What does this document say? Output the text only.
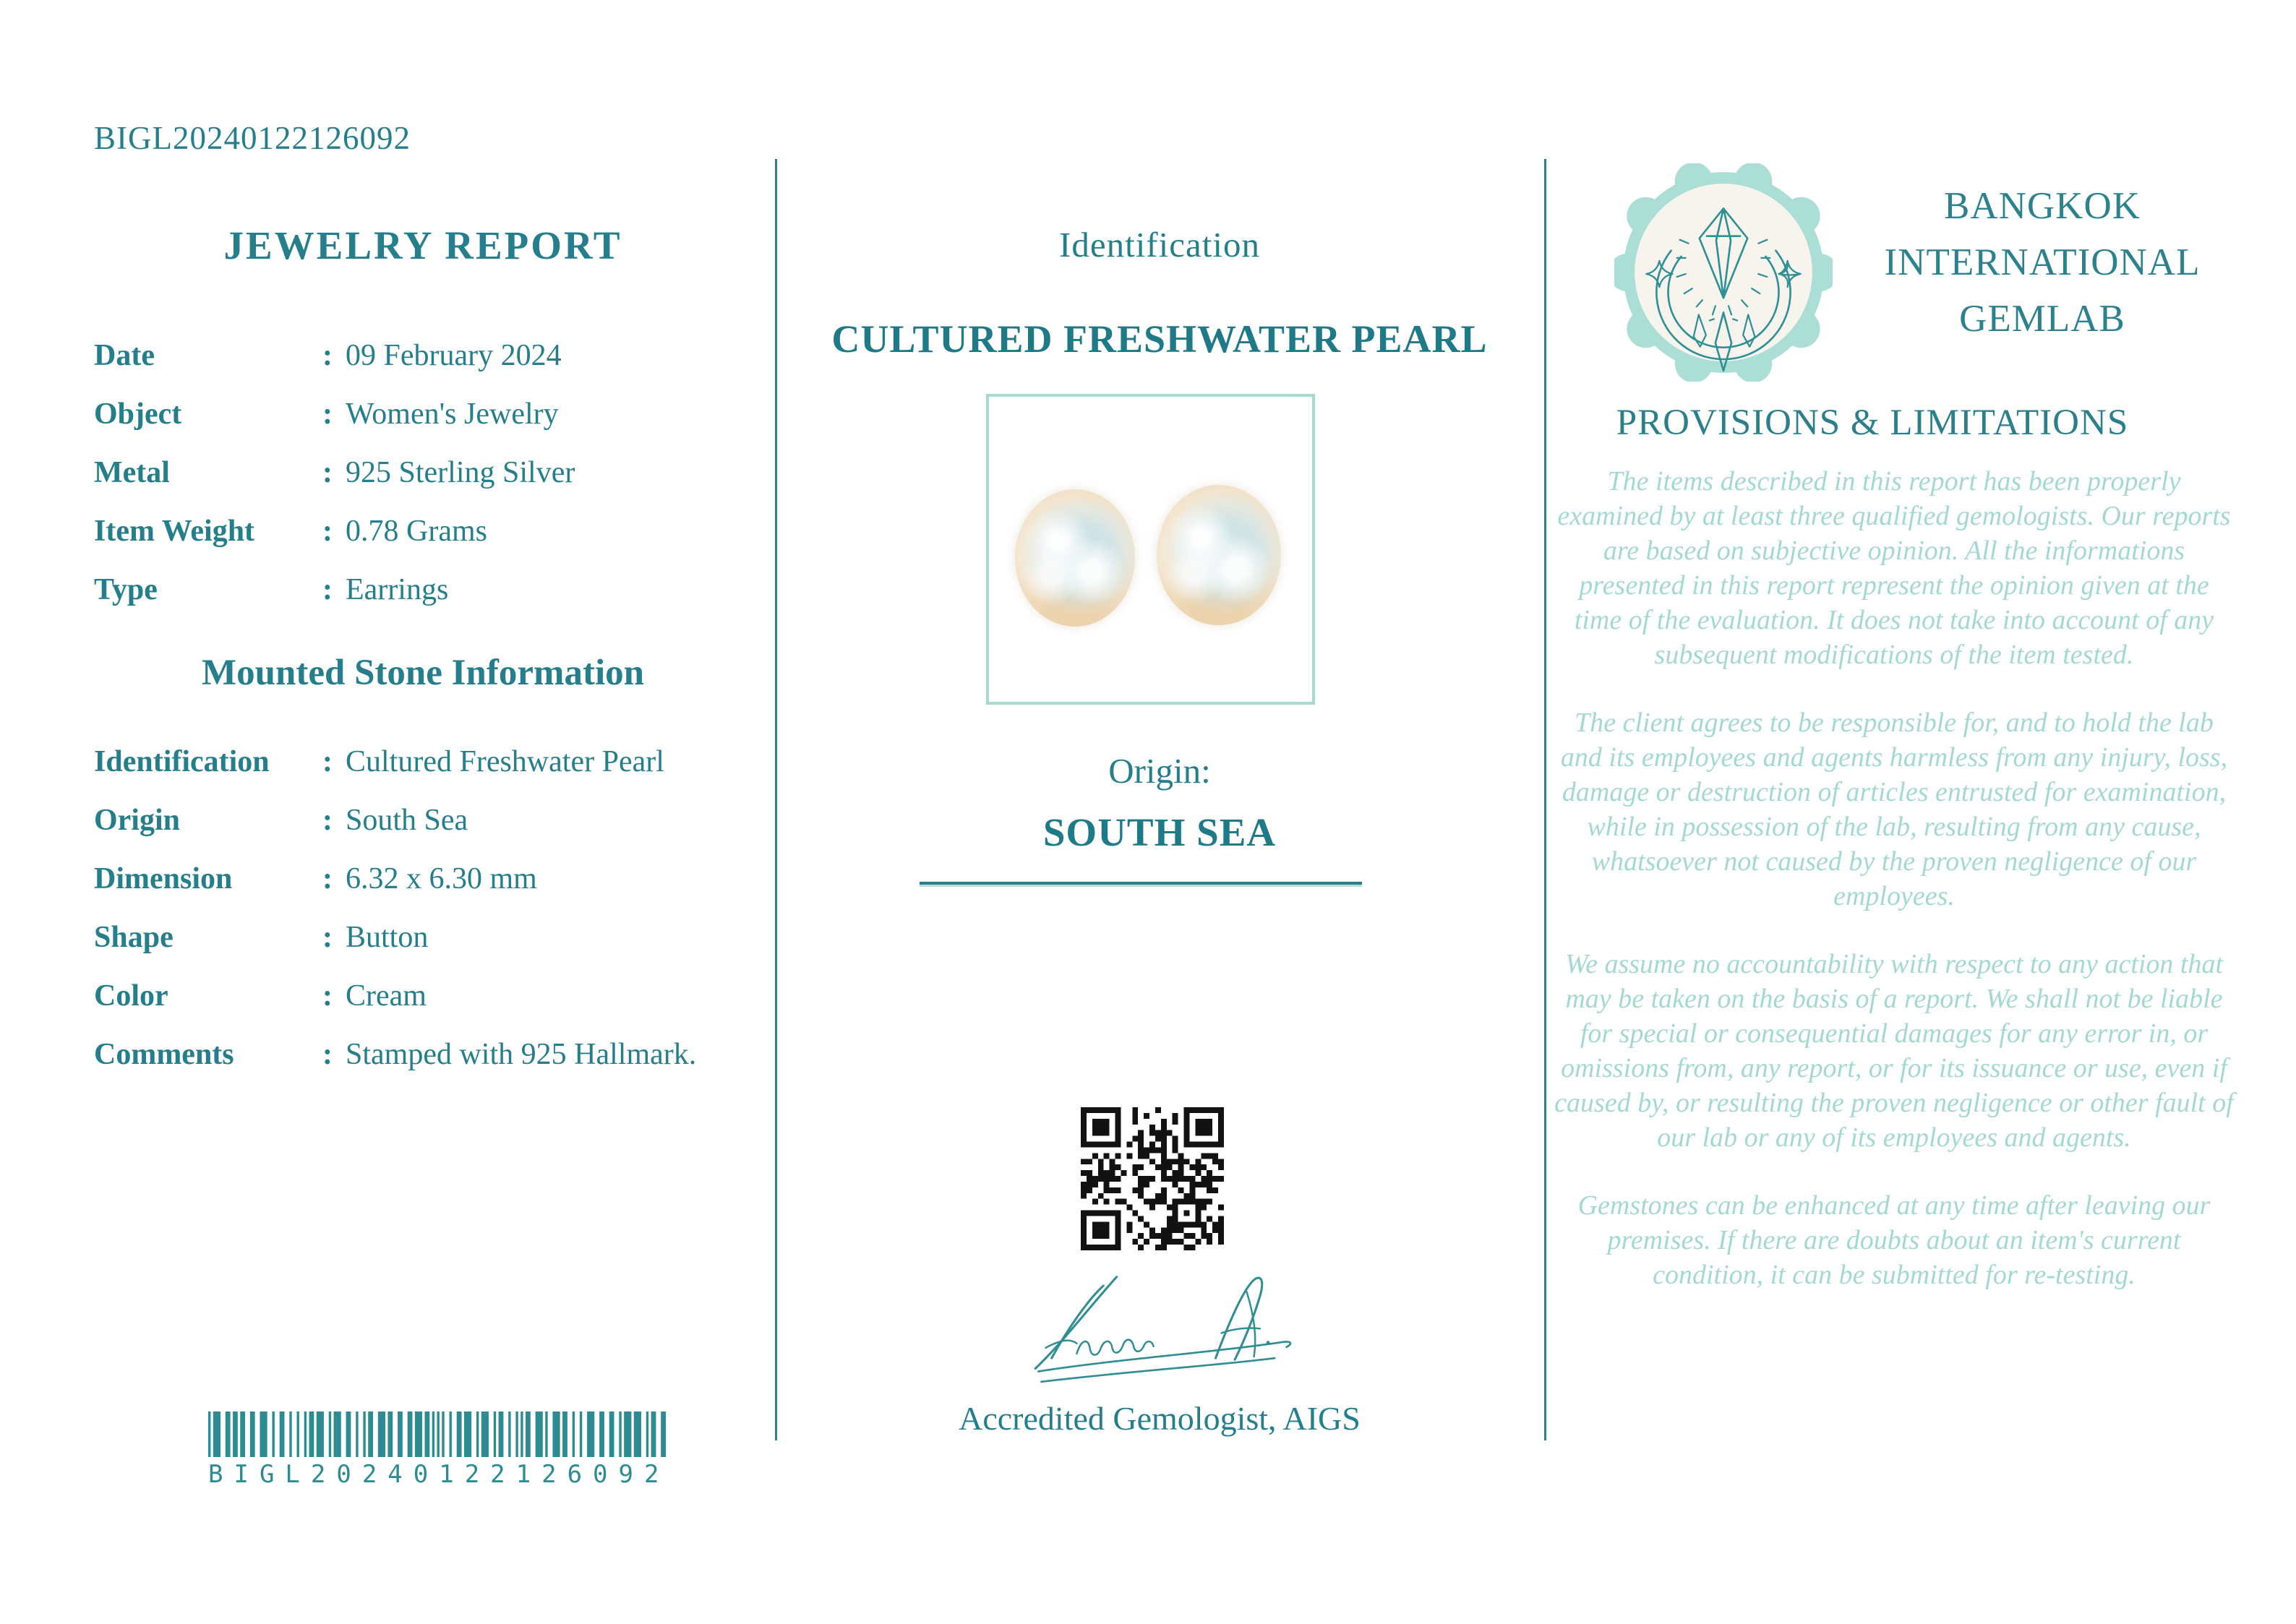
BIGL20240122126092
JEWELRY REPORT
Date	: 09 February 2024
Object	: Women's Jewelry
Metal	: 925 Sterling Silver
Item Weight : 0.78 Grams
Type	: Earrings
Mounted Stone Information
Identification : Cultured Freshwater Pearl
Origin	: South Sea
Dimension	: 6.32 x 6.30 mm
Shape	: Button
Color	: Cream
Comments	: Stamped with 925 Hallmark.
BIGL20240122126092
Identification
CULTURED FRESHWATER PEARL
Origin:
SOUTH SEA
Accredited Gemologist, AIGS
BANGKOK
INTERNATIONAL
GEMLAB
PROVISIONS & LIMITATIONS

The items described in this report has been properly examined by at least three qualified gemologists. Our reports are based on subjective opinion. All the informations presented in this report represent the opinion given at the time of the evaluation. It does not take into account of any subsequent modifications of the item tested.

The client agrees to be responsible for, and to hold the lab and its employees and agents harmless from any injury, loss, damage or destruction of articles entrusted for examination, while in possession of the lab, resulting from any cause, whatsoever not caused by the proven negligence of our employees.

We assume no accountability with respect to any action that may be taken on the basis of a report. We shall not be liable for special or consequential damages for any error in, or omissions from, any report, or for its issuance or use, even if caused by, or resulting the proven negligence or other fault of our lab or any of its employees and agents.

Gemstones can be enhanced at any time after leaving our premises. If there are doubts about an item's current condition, it can be submitted for re-testing.
